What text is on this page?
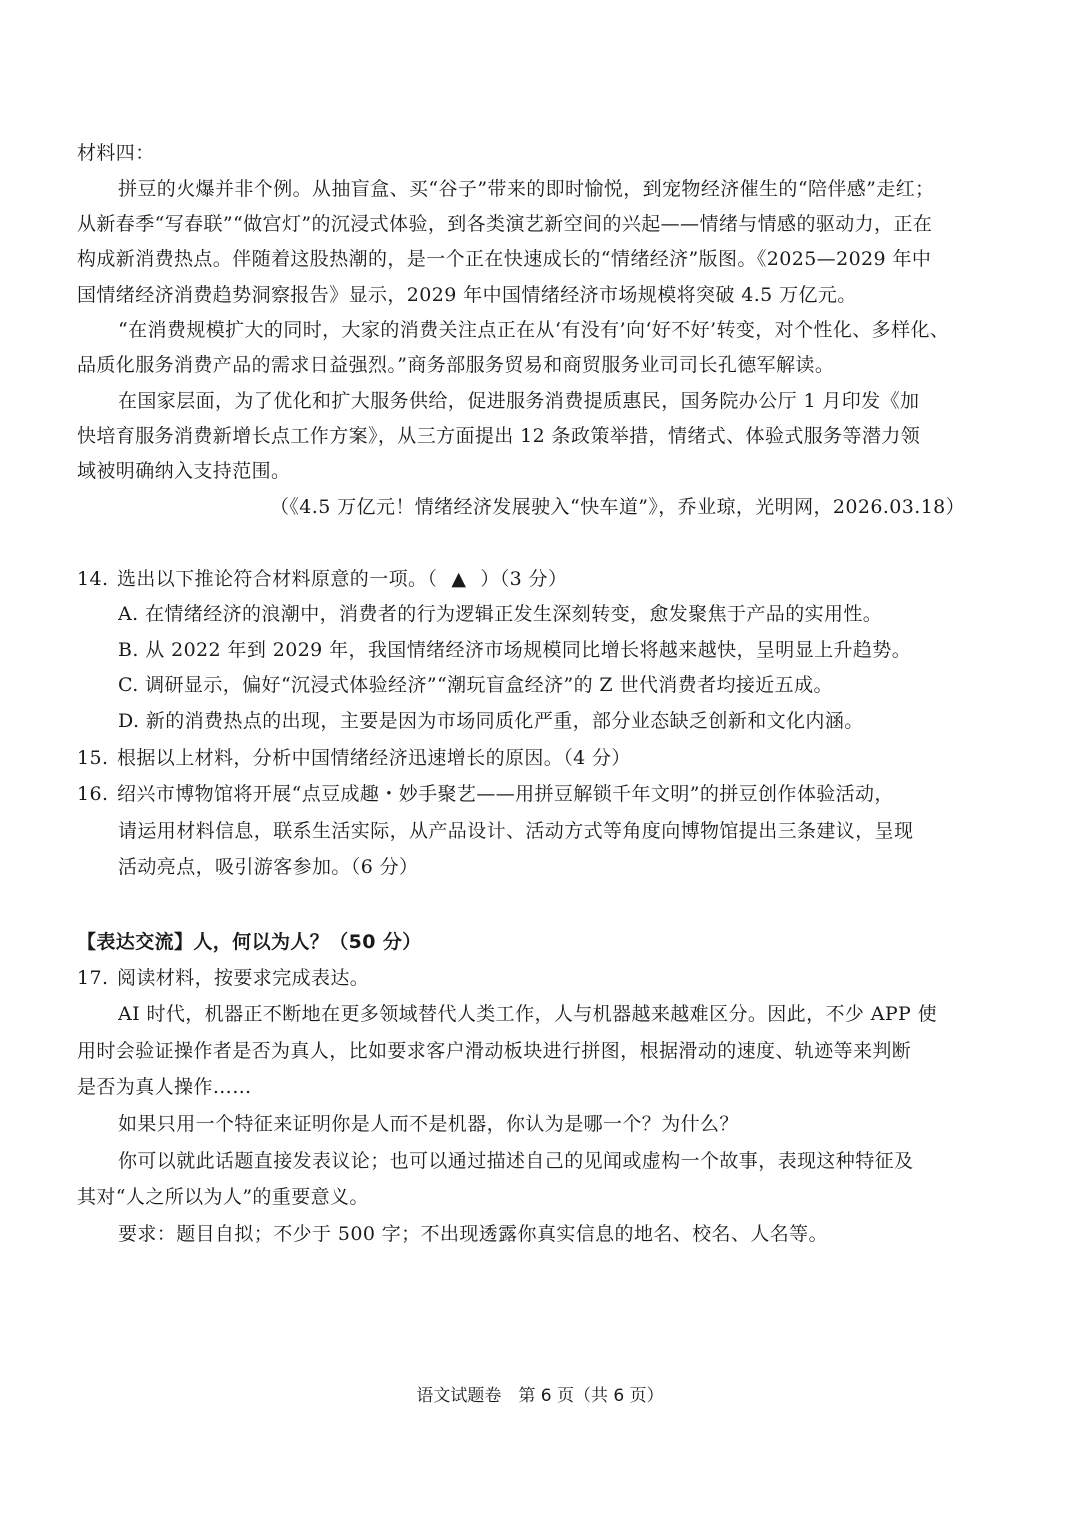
材料四：
拼豆的火爆并非个例。从抽盲盒、买“谷子”带来的即时愉悦，到宠物经济催生的“陪伴感”走红；
从新春季“写春联”“做宫灯”的沉浸式体验，到各类演艺新空间的兴起——情绪与情感的驱动力，正在
构成新消费热点。伴随着这股热潮的，是一个正在快速成长的“情绪经济”版图。《2025—2029 年中
国情绪经济消费趋势洞察报告》显示，2029 年中国情绪经济市场规模将突破 4.5 万亿元。
“在消费规模扩大的同时，大家的消费关注点正在从‘有没有’向‘好不好’转变，对个性化、多样化、
品质化服务消费产品的需求日益强烈。”商务部服务贸易和商贸服务业司司长孔德军解读。
在国家层面，为了优化和扩大服务供给，促进服务消费提质惠民，国务院办公厅 1 月印发《加
快培育服务消费新增长点工作方案》，从三方面提出 12 条政策举措，情绪式、体验式服务等潜力领
域被明确纳入支持范围。
（《4.5 万亿元！情绪经济发展驶入“快车道”》，乔业琼，光明网，2026.03.18）
14. 选出以下推论符合材料原意的一项。（ ▲ ）（3 分）
A. 在情绪经济的浪潮中，消费者的行为逻辑正发生深刻转变，愈发聚焦于产品的实用性。
B. 从 2022 年到 2029 年，我国情绪经济市场规模同比增长将越来越快，呈明显上升趋势。
C. 调研显示，偏好“沉浸式体验经济”“潮玩盲盒经济”的 Z 世代消费者均接近五成。
D. 新的消费热点的出现，主要是因为市场同质化严重，部分业态缺乏创新和文化内涵。
15. 根据以上材料，分析中国情绪经济迅速增长的原因。（4 分）
16. 绍兴市博物馆将开展“点豆成趣・妙手聚艺——用拼豆解锁千年文明”的拼豆创作体验活动，
请运用材料信息，联系生活实际，从产品设计、活动方式等角度向博物馆提出三条建议，呈现
活动亮点，吸引游客参加。（6 分）
【表达交流】人，何以为人？（50 分）
17. 阅读材料，按要求完成表达。
AI 时代，机器正不断地在更多领域替代人类工作，人与机器越来越难区分。因此，不少 APP 使
用时会验证操作者是否为真人，比如要求客户滑动板块进行拼图，根据滑动的速度、轨迹等来判断
是否为真人操作……
如果只用一个特征来证明你是人而不是机器，你认为是哪一个？为什么？
你可以就此话题直接发表议论；也可以通过描述自己的见闻或虚构一个故事，表现这种特征及
其对“人之所以为人”的重要意义。
要求：题目自拟；不少于 500 字；不出现透露你真实信息的地名、校名、人名等。
语文试题卷　第 6 页（共 6 页）
